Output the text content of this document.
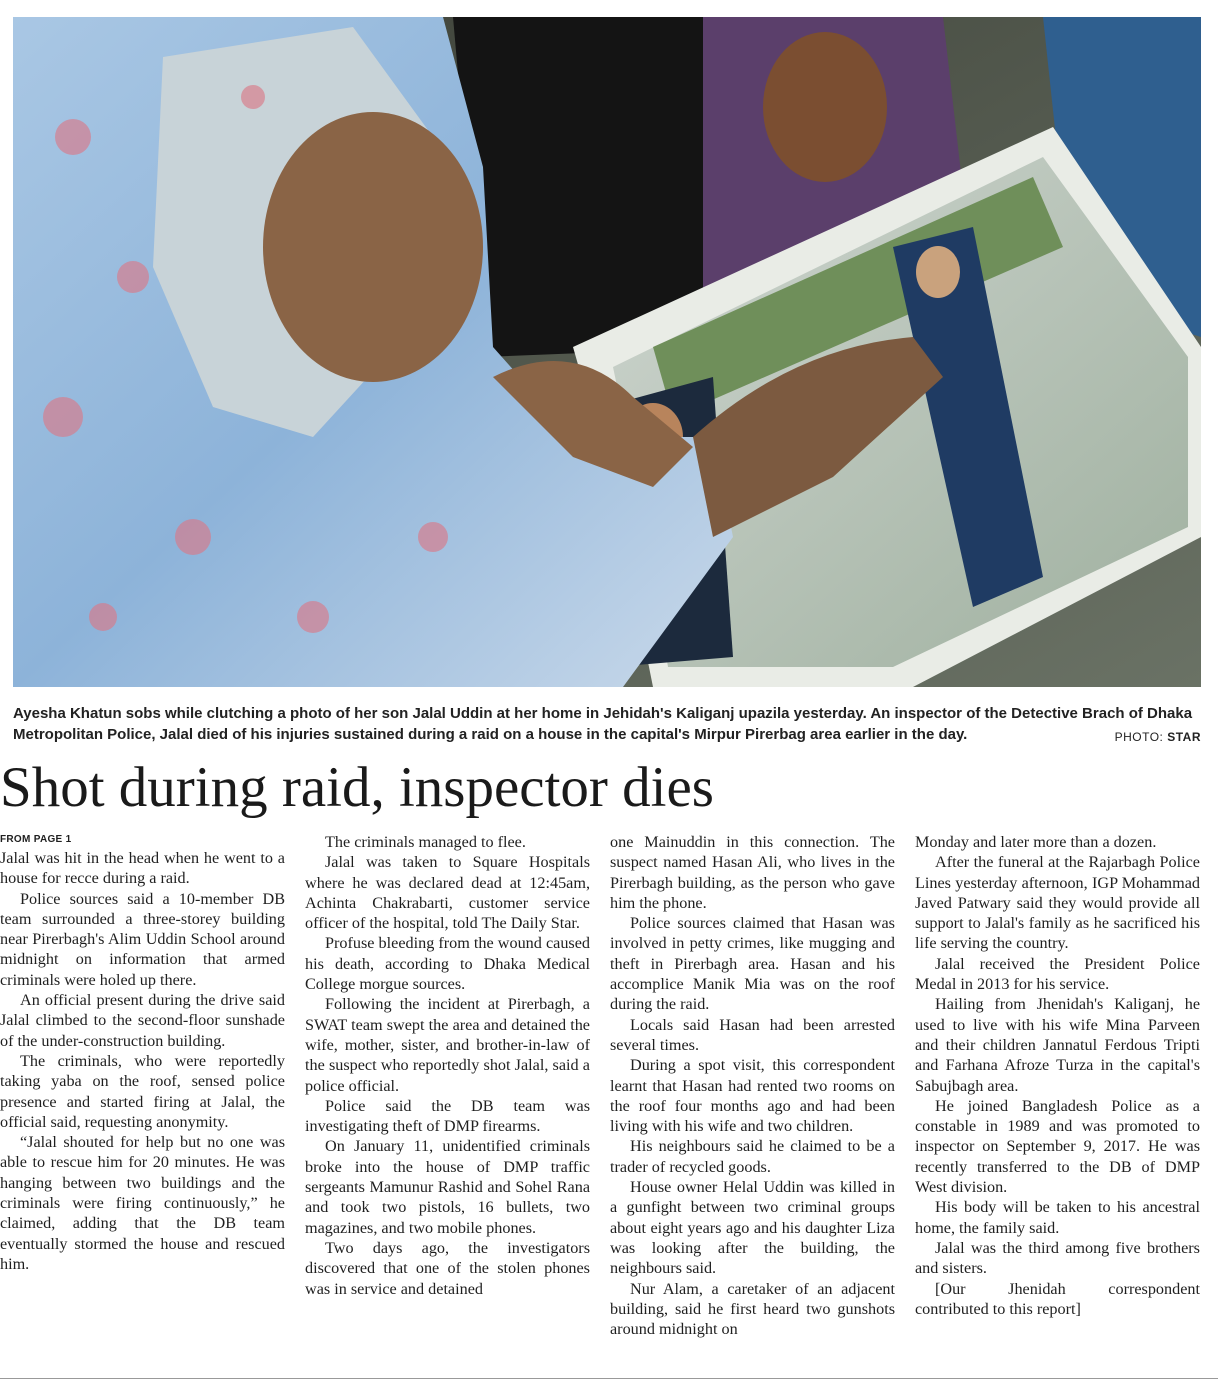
Ayesha Khatun sobs while clutching a photo of her son Jalal Uddin at her home in Jehidah's Kaliganj upazila yesterday. An inspector of the Detective Brach of Dhaka Metropolitan Police, Jalal died of his injuries sustained during a raid on a house in the capital's Mirpur Pirerbag area earlier in the day.	PHOTO: STAR
Shot during raid, inspector dies
FROM PAGE 1

Jalal was hit in the head when he went to a house for recce during a raid.

Police sources said a 10-member DB team surrounded a three-storey building near Pirerbagh's Alim Uddin School around midnight on information that armed criminals were holed up there.

An official present during the drive said Jalal climbed to the second-floor sunshade of the under-construction building.

The criminals, who were reportedly taking yaba on the roof, sensed police presence and started firing at Jalal, the official said, requesting anonymity.

“Jalal shouted for help but no one was able to rescue him for 20 minutes. He was hanging between two buildings and the criminals were firing continuously,” he claimed, adding that the DB team eventually stormed the house and rescued him.

The criminals managed to flee.

Jalal was taken to Square Hospitals where he was declared dead at 12:45am, Achinta Chakrabarti, customer service officer of the hospital, told The Daily Star.

Profuse bleeding from the wound caused his death, according to Dhaka Medical College morgue sources.

Following the incident at Pirerbagh, a SWAT team swept the area and detained the wife, mother, sister, and brother-in-law of the suspect who reportedly shot Jalal, said a police official.

Police said the DB team was investigating theft of DMP firearms.

On January 11, unidentified criminals broke into the house of DMP traffic sergeants Mamunur Rashid and Sohel Rana and took two pistols, 16 bullets, two magazines, and two mobile phones.

Two days ago, the investigators discovered that one of the stolen phones was in service and detained

one Mainuddin in this connection. The suspect named Hasan Ali, who lives in the Pirerbagh building, as the person who gave him the phone.

Police sources claimed that Hasan was involved in petty crimes, like mugging and theft in Pirerbagh area. Hasan and his accomplice Manik Mia was on the roof during the raid.

Locals said Hasan had been arrested several times.

During a spot visit, this correspondent learnt that Hasan had rented two rooms on the roof four months ago and had been living with his wife and two children.

His neighbours said he claimed to be a trader of recycled goods.

House owner Helal Uddin was killed in a gunfight between two criminal groups about eight years ago and his daughter Liza was looking after the building, the neighbours said.

Nur Alam, a caretaker of an adjacent building, said he first heard two gunshots around midnight on

Monday and later more than a dozen.

After the funeral at the Rajarbagh Police Lines yesterday afternoon, IGP Mohammad Javed Patwary said they would provide all support to Jalal's family as he sacrificed his life serving the country.

Jalal received the President Police Medal in 2013 for his service.

Hailing from Jhenidah's Kaliganj, he used to live with his wife Mina Parveen and their children Jannatul Ferdous Tripti and Farhana Afroze Turza in the capital's Sabujbagh area.

He joined Bangladesh Police as a constable in 1989 and was promoted to inspector on September 9, 2017. He was recently transferred to the DB of DMP West division.

His body will be taken to his ancestral home, the family said.

Jalal was the third among five brothers and sisters.

[Our Jhenidah correspondent contributed to this report]
